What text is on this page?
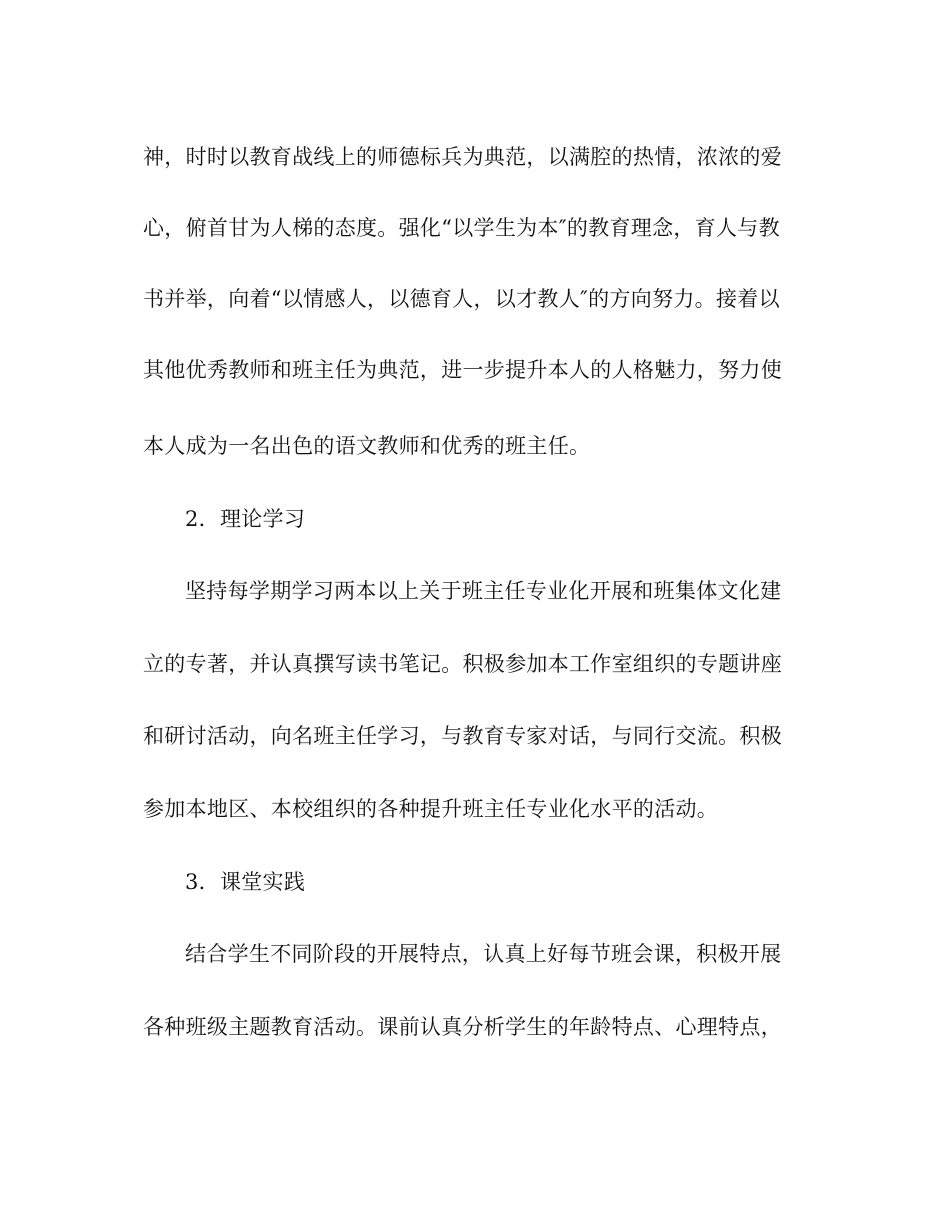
神，时时以教育战线上的师德标兵为典范，以满腔的热情，浓浓的爱
心，俯首甘为人梯的态度。强化“以学生为本″的教育理念，育人与教
书并举，向着“以情感人，以德育人，以才教人″的方向努力。接着以
其他优秀教师和班主任为典范，进一步提升本人的人格魅力，努力使
本人成为一名出色的语文教师和优秀的班主任。
2．理论学习
坚持每学期学习两本以上关于班主任专业化开展和班集体文化建
立的专著，并认真撰写读书笔记。积极参加本工作室组织的专题讲座
和研讨活动，向名班主任学习，与教育专家对话，与同行交流。积极
参加本地区、本校组织的各种提升班主任专业化水平的活动。
3．课堂实践
结合学生不同阶段的开展特点，认真上好每节班会课，积极开展
各种班级主题教育活动。课前认真分析学生的年龄特点、心理特点，
